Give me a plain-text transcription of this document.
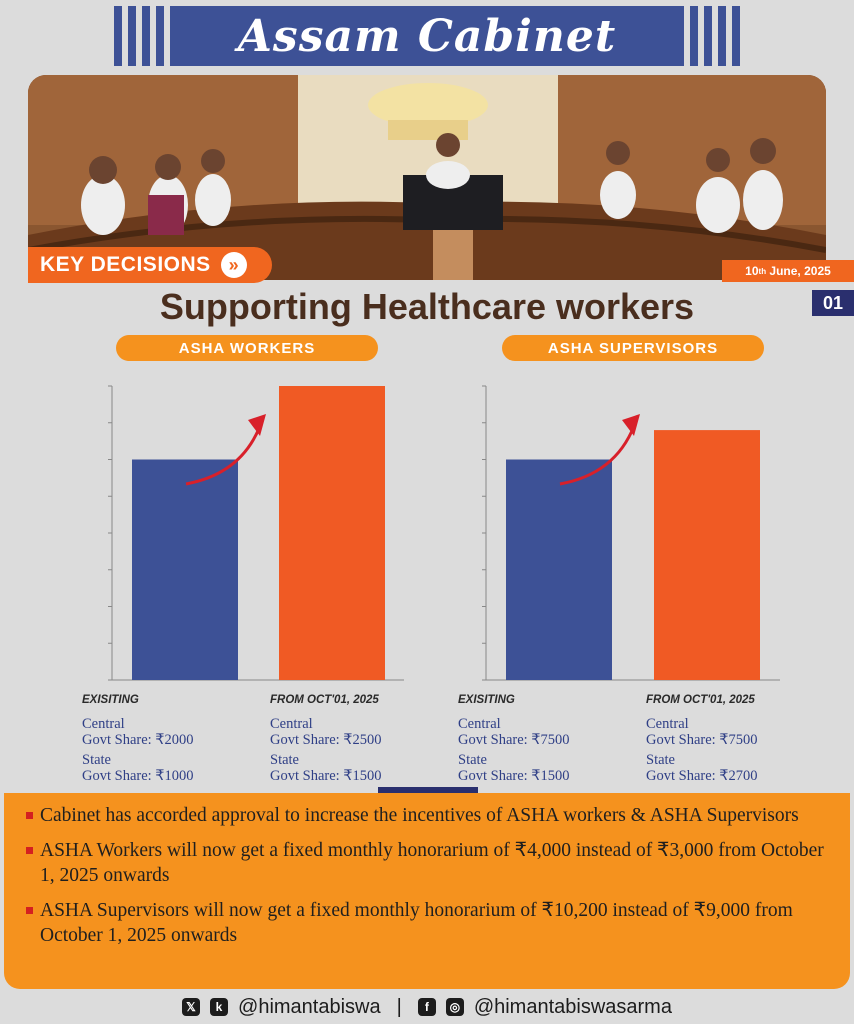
Assam Cabinet
KEY DECISIONS »	10 th June, 2025
Supporting Healthcare workers	01
ASHA WORKERS	ASHA SUPERVISORS
EXISITING
Central
Govt Share: ₹2000
State
Govt Share: ₹1000
FROM OCT'01, 2025
Central
Govt Share: ₹2500
State
Govt Share: ₹1500
EXISITING
Central
Govt Share: ₹7500
State
Govt Share: ₹1500
FROM OCT'01, 2025
Central
Govt Share: ₹7500
State
Govt Share: ₹2700
Cabinet has accorded approval to increase the incentives of ASHA workers & ASHA Supervisors
ASHA Workers will now get a fixed monthly honorarium of ₹4,000 instead of ₹3,000 from October 1, 2025 onwards
ASHA Supervisors will now get a fixed monthly honorarium of ₹10,200 instead of ₹9,000 from October 1, 2025 onwards
𝕏	k @himantabiswa |	f	◎ @himantabiswasarma
